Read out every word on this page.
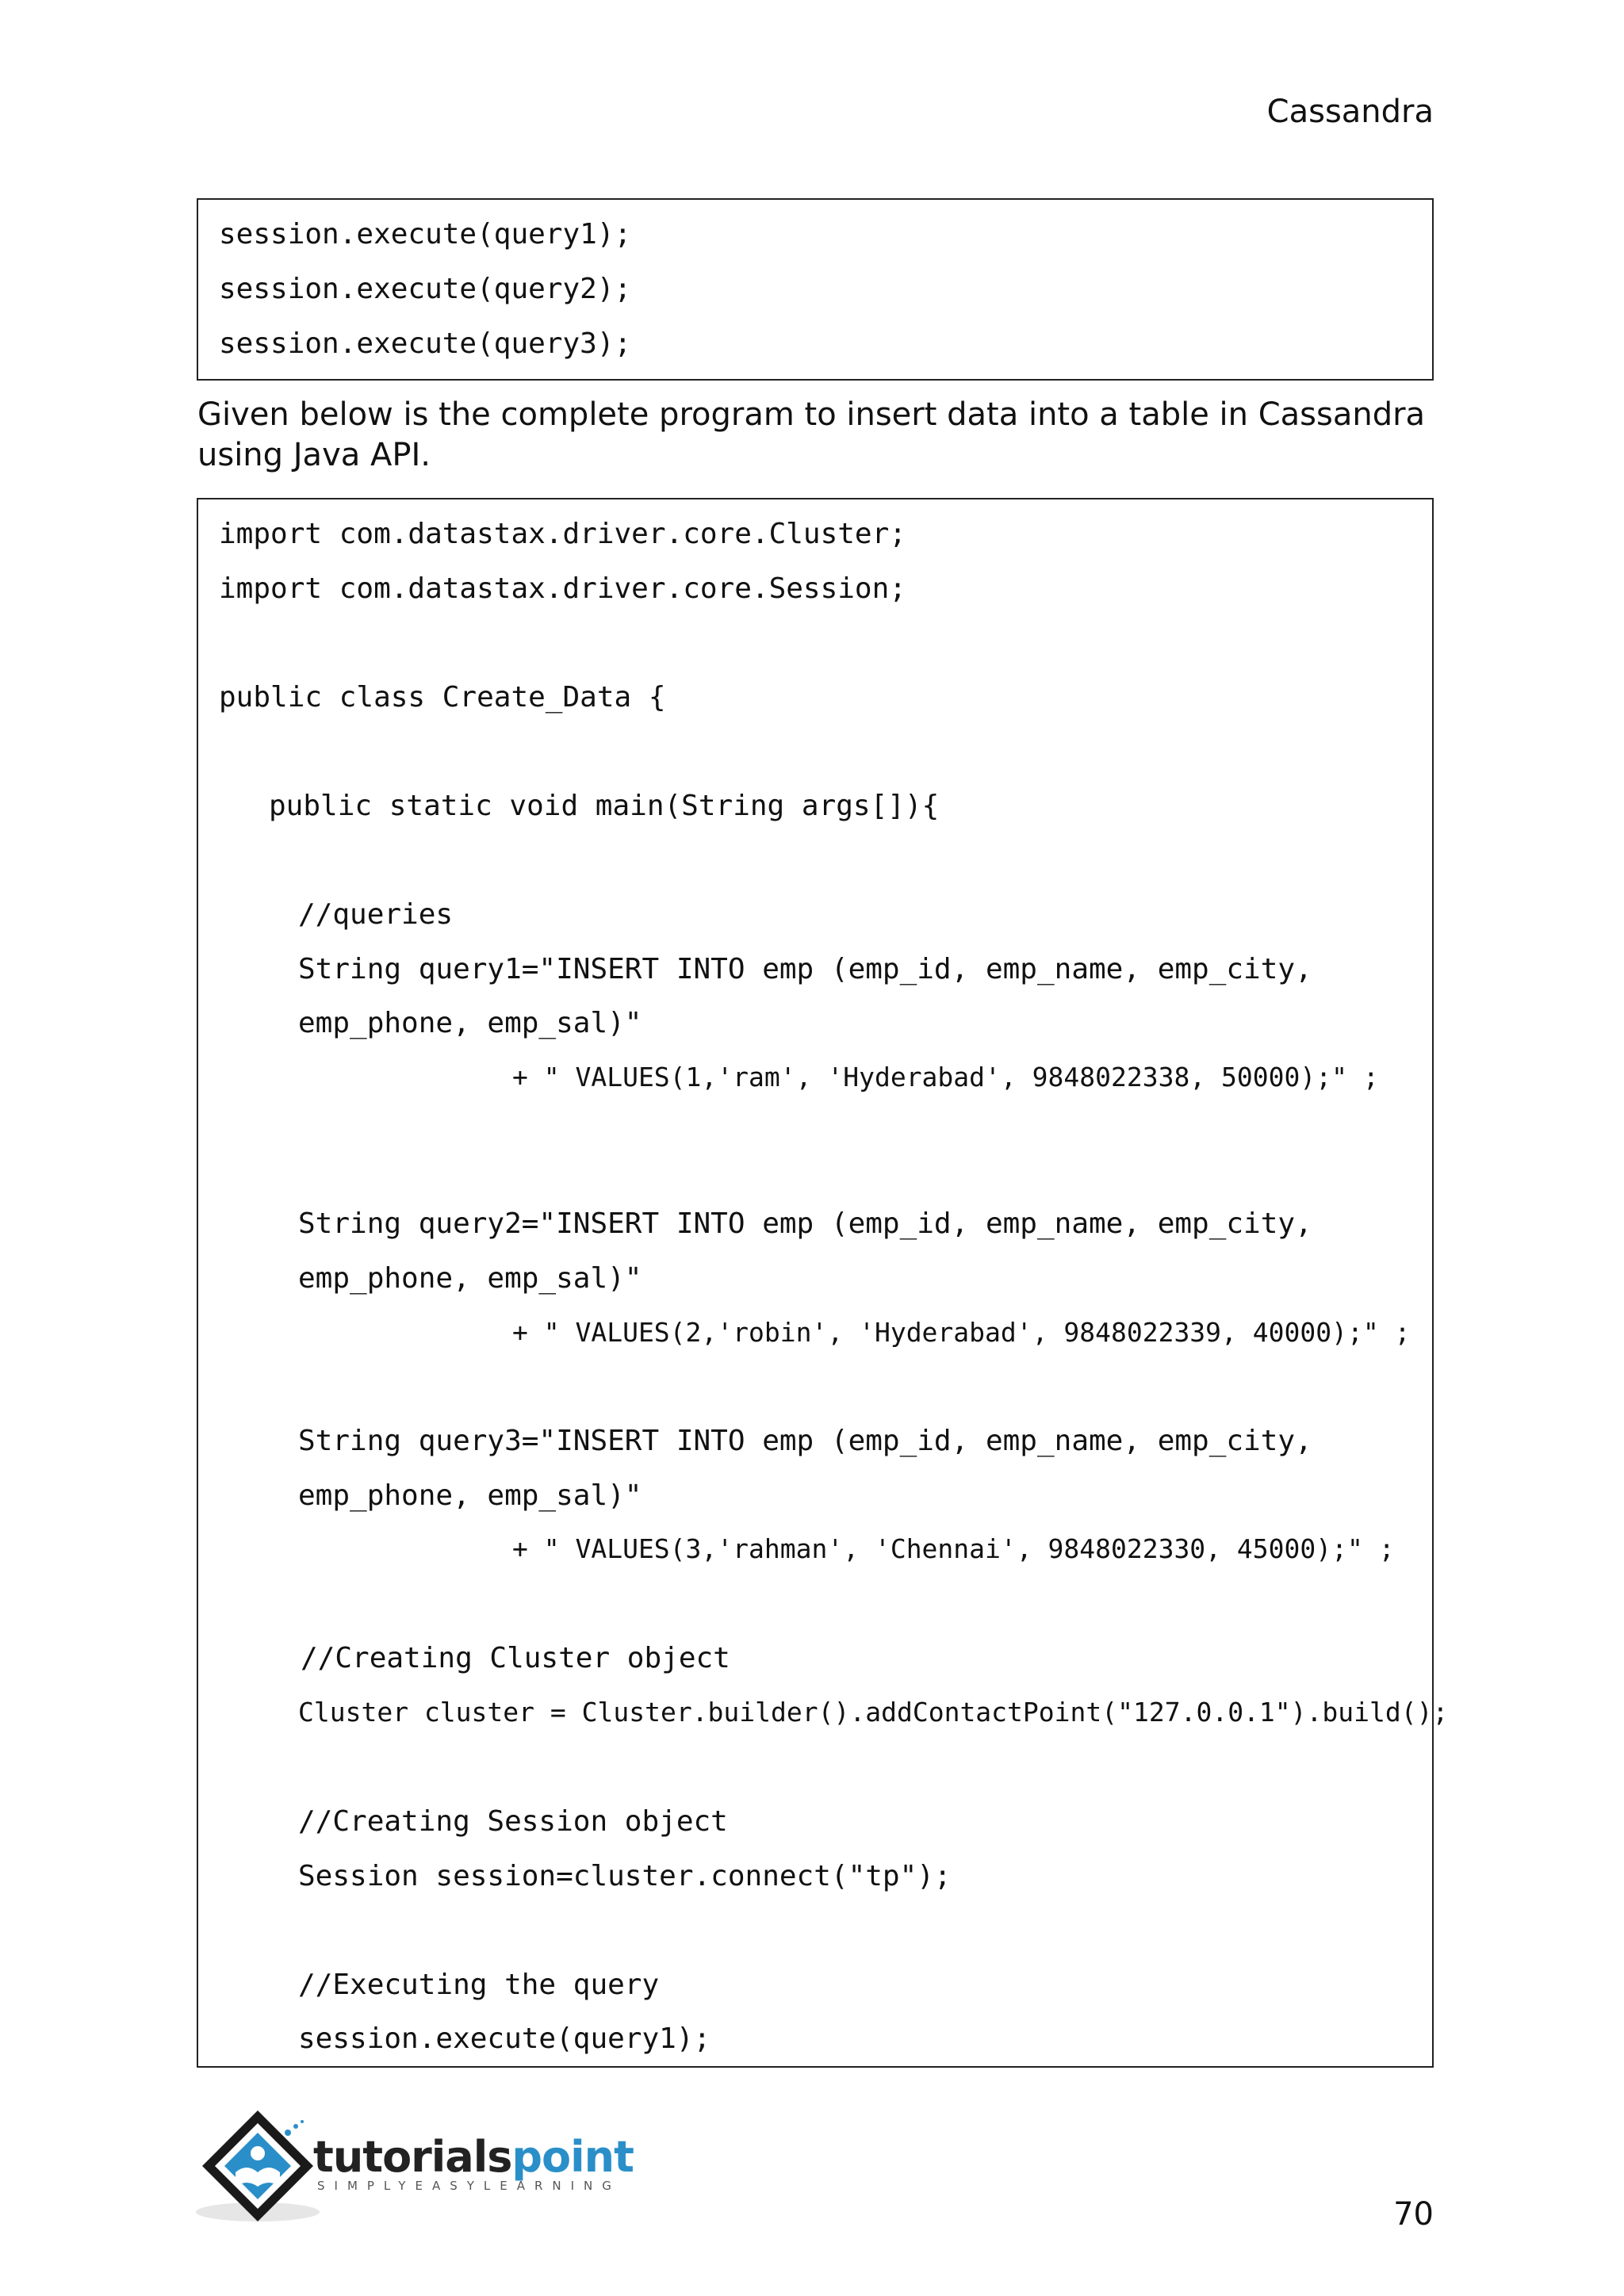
Cassandra
session.execute(query1);
session.execute(query2);
session.execute(query3);
Given below is the complete program to insert data into a table in Cassandra using Java API.
import com.datastax.driver.core.Cluster;
import com.datastax.driver.core.Session;
public class Create_Data {
public static void main(String args[]){
//queries
String query1="INSERT INTO emp (emp_id, emp_name, emp_city,
emp_phone, emp_sal)"
+ " VALUES(1,'ram', 'Hyderabad', 9848022338, 50000);" ;
String query2="INSERT INTO emp (emp_id, emp_name, emp_city,
emp_phone, emp_sal)"
+ " VALUES(2,'robin', 'Hyderabad', 9848022339, 40000);" ;
String query3="INSERT INTO emp (emp_id, emp_name, emp_city,
emp_phone, emp_sal)"
+ " VALUES(3,'rahman', 'Chennai', 9848022330, 45000);" ;
//Creating Cluster object
Cluster cluster = Cluster.builder().addContactPoint("127.0.0.1").build();
//Creating Session object
Session session=cluster.connect("tp");
//Executing the query
session.execute(query1);
tutorialspoint
SIMPLYEASYLEARNING
70
